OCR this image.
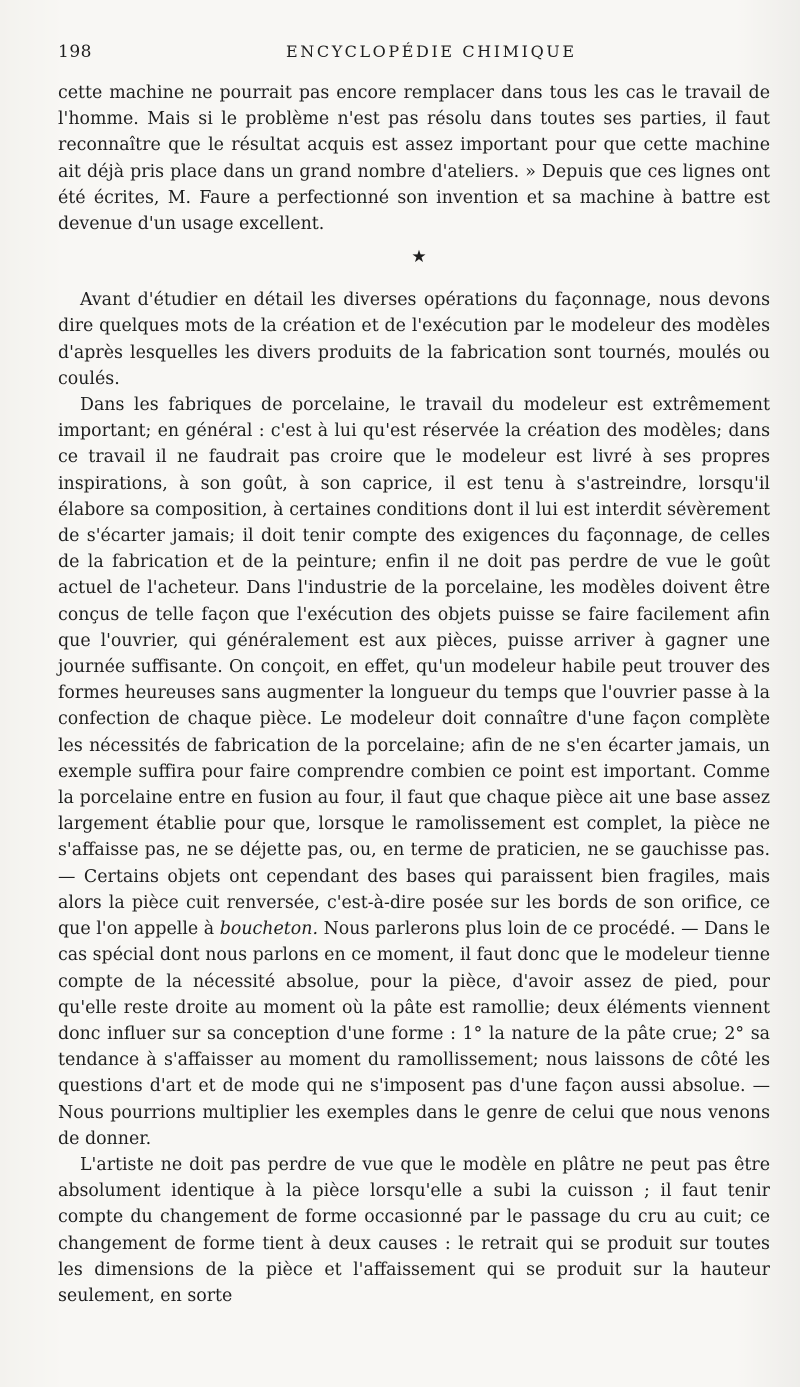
198	ENCYCLOPÉDIE CHIMIQUE

cette machine ne pourrait pas encore remplacer dans tous les cas le travail de l'homme. Mais si le problème n'est pas résolu dans toutes ses parties, il faut reconnaître que le résultat acquis est assez important pour que cette machine ait déjà pris place dans un grand nombre d'ateliers. » Depuis que ces lignes ont été écrites, M. Faure a perfectionné son invention et sa machine à battre est devenue d'un usage excellent.

★

Avant d'étudier en détail les diverses opérations du façonnage, nous devons dire quelques mots de la création et de l'exécution par le modeleur des modèles d'après lesquelles les divers produits de la fabrication sont tournés, moulés ou coulés.

Dans les fabriques de porcelaine, le travail du modeleur est extrêmement important; en général : c'est à lui qu'est réservée la création des modèles; dans ce travail il ne faudrait pas croire que le modeleur est livré à ses propres inspirations, à son goût, à son caprice, il est tenu à s'astreindre, lorsqu'il élabore sa composition, à certaines conditions dont il lui est interdit sévèrement de s'écarter jamais; il doit tenir compte des exigences du façonnage, de celles de la fabrication et de la peinture; enfin il ne doit pas perdre de vue le goût actuel de l'acheteur. Dans l'industrie de la porcelaine, les modèles doivent être conçus de telle façon que l'exécution des objets puisse se faire facilement afin que l'ouvrier, qui généralement est aux pièces, puisse arriver à gagner une journée suffisante. On conçoit, en effet, qu'un modeleur habile peut trouver des formes heureuses sans augmenter la longueur du temps que l'ouvrier passe à la confection de chaque pièce. Le modeleur doit connaître d'une façon complète les nécessités de fabrication de la porcelaine; afin de ne s'en écarter jamais, un exemple suffira pour faire comprendre combien ce point est important. Comme la porcelaine entre en fusion au four, il faut que chaque pièce ait une base assez largement établie pour que, lorsque le ramolissement est complet, la pièce ne s'affaisse pas, ne se déjette pas, ou, en terme de praticien, ne se gauchisse pas. — Certains objets ont cependant des bases qui paraissent bien fragiles, mais alors la pièce cuit renversée, c'est-à-dire posée sur les bords de son orifice, ce que l'on appelle à boucheton. Nous parlerons plus loin de ce procédé. — Dans le cas spécial dont nous parlons en ce moment, il faut donc que le modeleur tienne compte de la nécessité absolue, pour la pièce, d'avoir assez de pied, pour qu'elle reste droite au moment où la pâte est ramollie; deux éléments viennent donc influer sur sa conception d'une forme : 1° la nature de la pâte crue; 2° sa tendance à s'affaisser au moment du ramollissement; nous laissons de côté les questions d'art et de mode qui ne s'imposent pas d'une façon aussi absolue. — Nous pourrions multiplier les exemples dans le genre de celui que nous venons de donner.

L'artiste ne doit pas perdre de vue que le modèle en plâtre ne peut pas être absolument identique à la pièce lorsqu'elle a subi la cuisson ; il faut tenir compte du changement de forme occasionné par le passage du cru au cuit; ce changement de forme tient à deux causes : le retrait qui se produit sur toutes les dimensions de la pièce et l'affaissement qui se produit sur la hauteur seulement, en sorte
